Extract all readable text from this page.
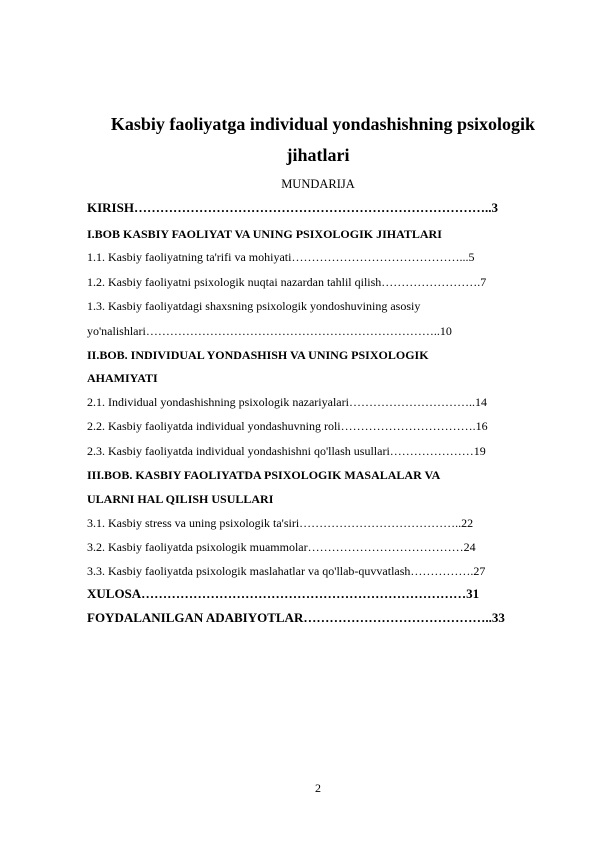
Kasbiy faoliyatga individual yondashishning psixologik
jihatlari
MUNDARIJA
KIRISH………………………………………………………………………..3
I.BOB KASBIY FAOLIYAT VA UNING PSIXOLOGIK JIHATLARI
1.1. Kasbiy faoliyatning ta'rifi va mohiyati……………………………………...5
1.2. Kasbiy faoliyatni psixologik nuqtai nazardan tahlil qilish…………………….7
1.3. Kasbiy faoliyatdagi shaxsning psixologik yondoshuvining asosiy
yo'nalishlari………………………………………………………………..10
II.BOB. INDIVIDUAL YONDASHISH VA UNING PSIXOLOGIK
AHAMIYATI
2.1. Individual yondashishning psixologik nazariyalari…………………………..14
2.2. Kasbiy faoliyatda individual yondashuvning roli…………………………….16
2.3. Kasbiy faoliyatda individual yondashishni qo'llash usullari…………………19
III.BOB. KASBIY FAOLIYATDA PSIXOLOGIK MASALALAR VA
ULARNI HAL QILISH USULLARI
3.1. Kasbiy stress va uning psixologik ta'siri…………………………………..22
3.2. Kasbiy faoliyatda psixologik muammolar…………………………………24
3.3. Kasbiy faoliyatda psixologik maslahatlar va qo'llab-quvvatlash…………….27
XULOSA…………………………………………………………………31
FOYDALANILGAN ADABIYOTLAR……………………………………..33
2
